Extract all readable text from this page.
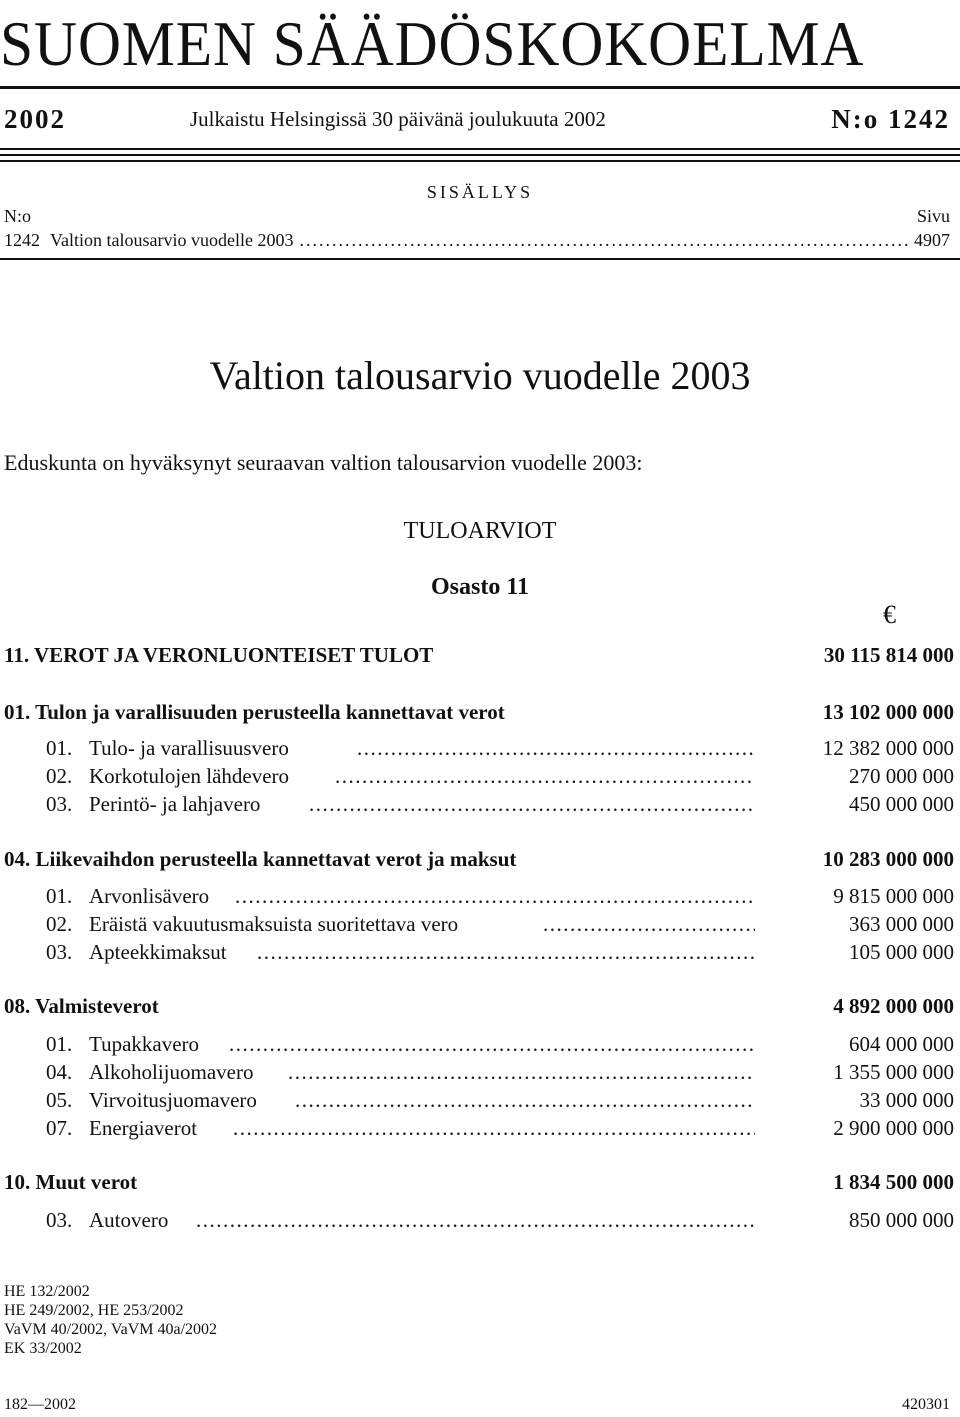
SUOMEN SÄÄDÖSKOKOELMA
2002	Julkaistu Helsingissä 30 päivänä joulukuuta 2002	N:o 1242
SISÄLLYS
N:o	Sivu
1242 Valtion talousarvio vuodelle 2003 .....	4907
Valtion talousarvio vuodelle 2003
Eduskunta on hyväksynyt seuraavan valtion talousarvion vuodelle 2003:
TULOARVIOT
Osasto 11
€
11. VEROT JA VERONLUONTEISET TULOT	30 115 814 000
01. Tulon ja varallisuuden perusteella kannettavat verot	13 102 000 000
01. Tulo- ja varallisuusvero .....	12 382 000 000
02. Korkotulojen lähdevero .....	270 000 000
03. Perintö- ja lahjavero .....	450 000 000
04. Liikevaihdon perusteella kannettavat verot ja maksut	10 283 000 000
01. Arvonlisävero .....	9 815 000 000
02. Eräistä vakuutusmaksuista suoritettava vero .....	363 000 000
03. Apteekkimaksut .....	105 000 000
08. Valmisteverot	4 892 000 000
01. Tupakkavero .....	604 000 000
04. Alkoholijuomavero .....	1 355 000 000
05. Virvoitusjuomavero .....	33 000 000
07. Energiaverot .....	2 900 000 000
10. Muut verot	1 834 500 000
03. Autovero .....	850 000 000
HE 132/2002
HE 249/2002, HE 253/2002
VaVM 40/2002, VaVM 40a/2002
EK 33/2002
182—2002	420301
